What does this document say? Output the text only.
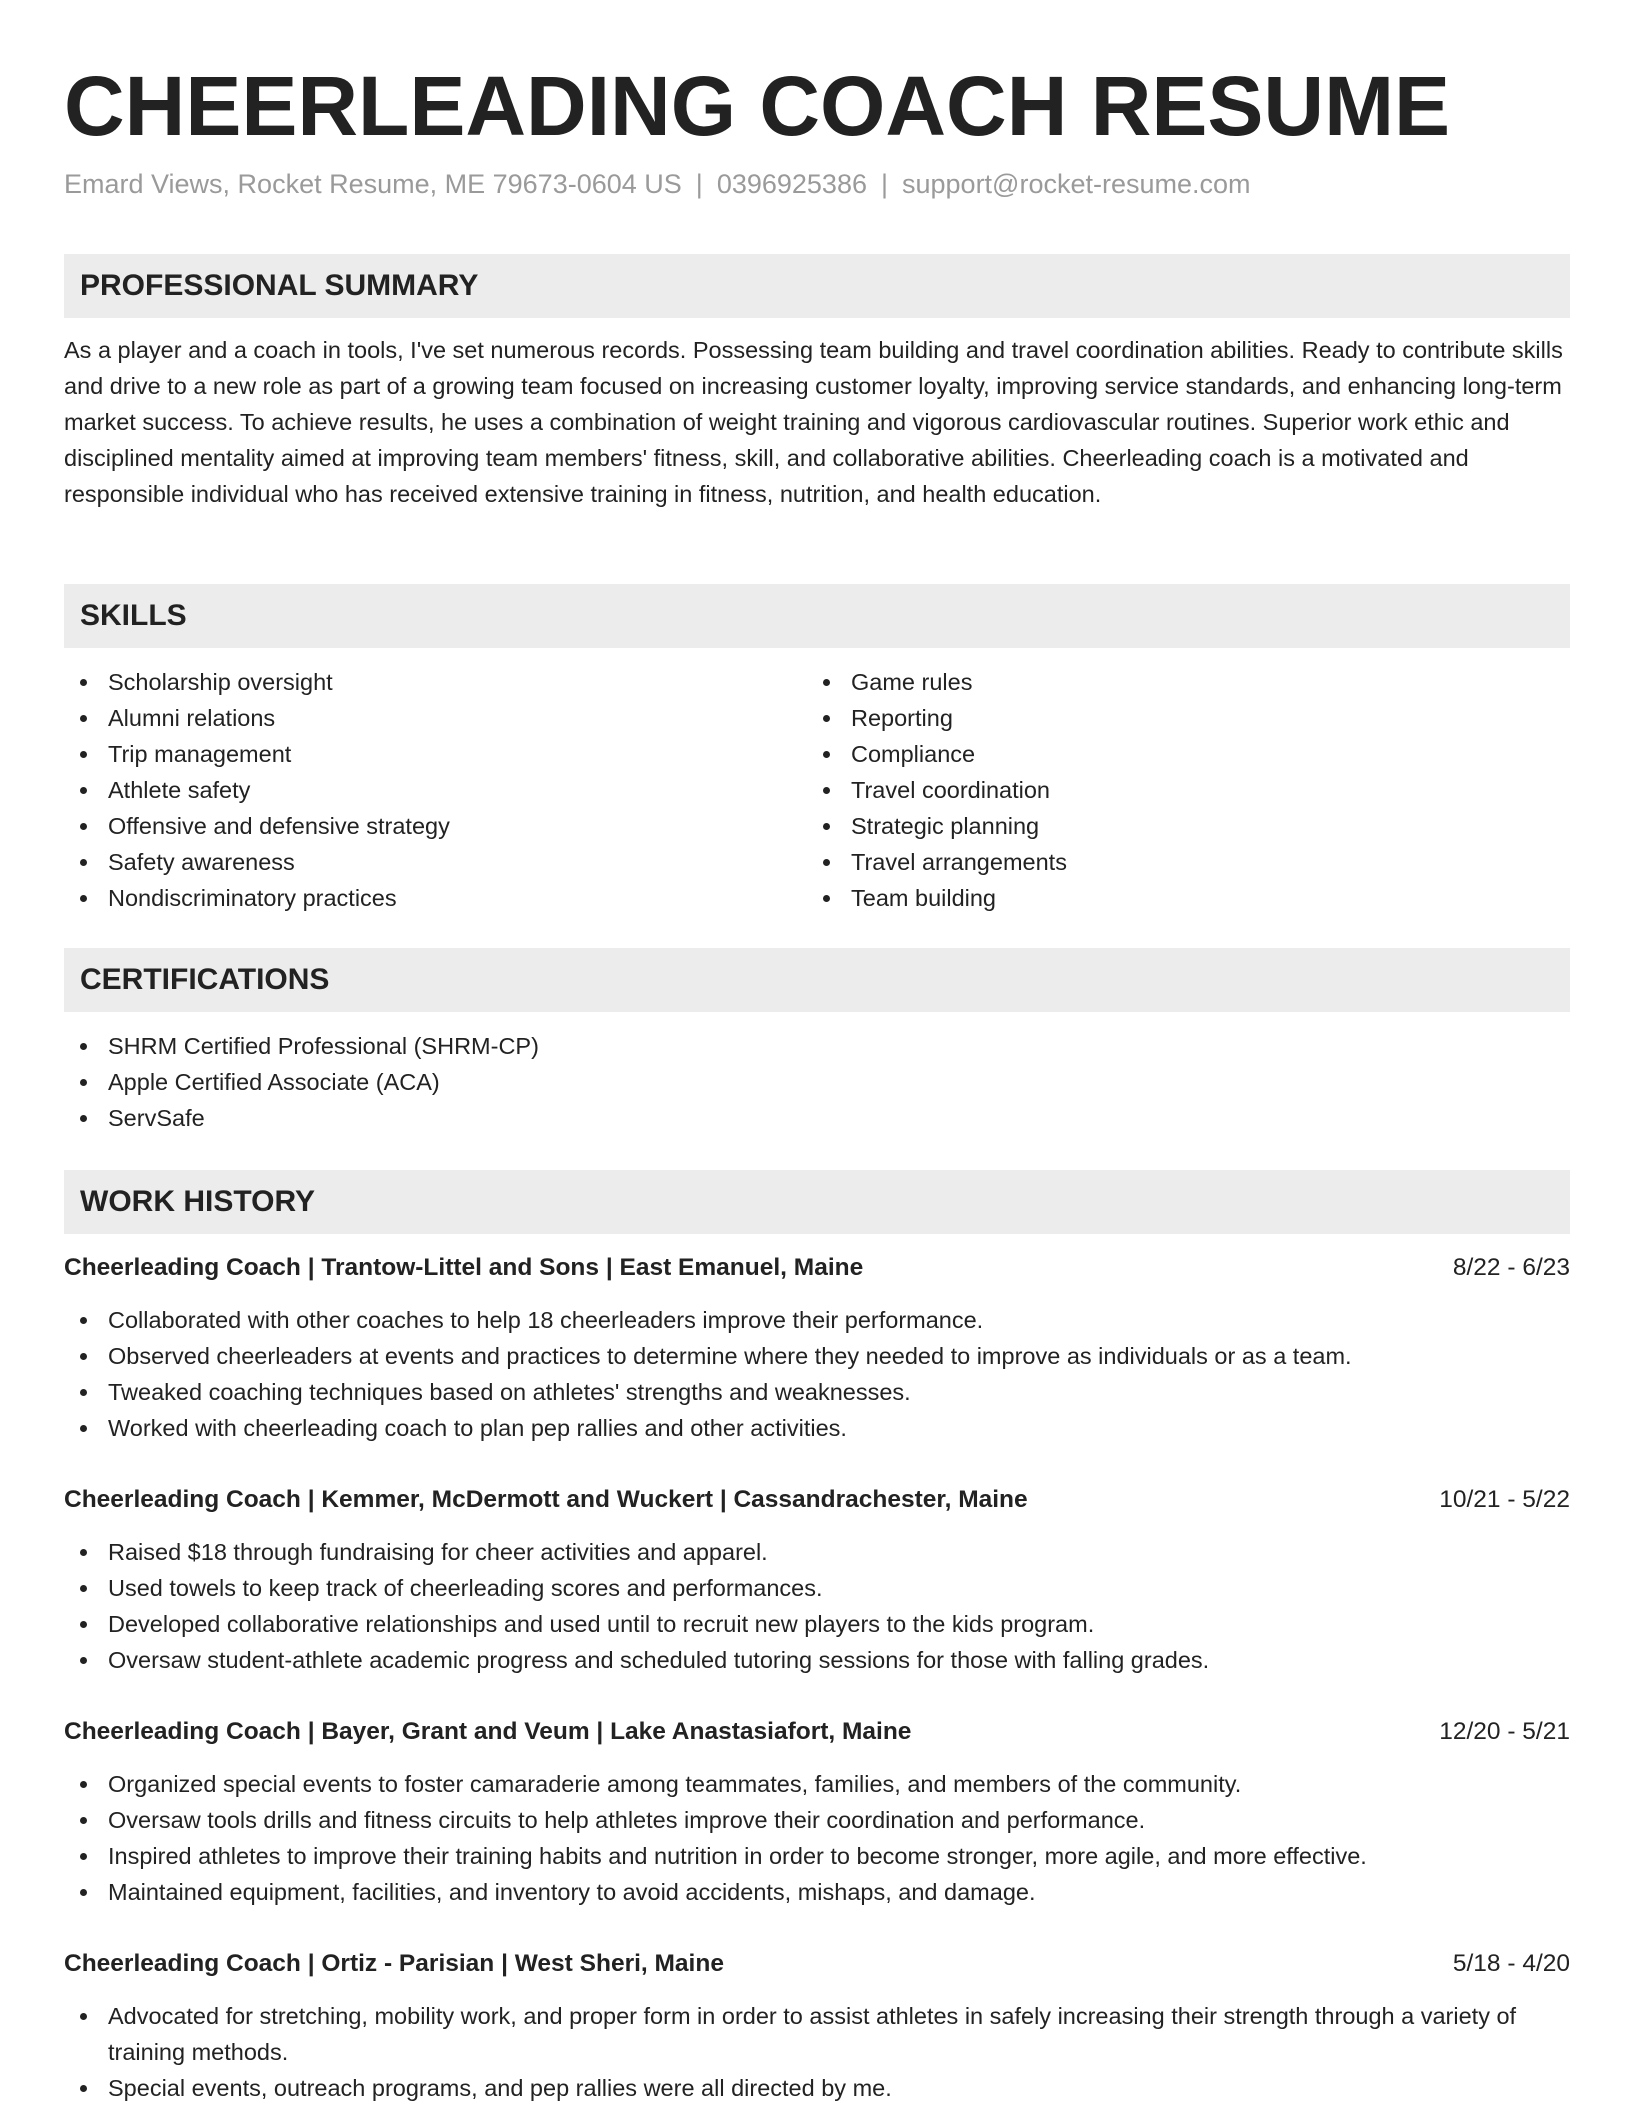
CHEERLEADING COACH RESUME
Emard Views, Rocket Resume, ME 79673-0604 US | 0396925386 | support@rocket-resume.com
PROFESSIONAL SUMMARY

As a player and a coach in tools, I've set numerous records. Possessing team building and travel coordination abilities. Ready to contribute skills and drive to a new role as part of a growing team focused on increasing customer loyalty, improving service standards, and enhancing long-term market success. To achieve results, he uses a combination of weight training and vigorous cardiovascular routines. Superior work ethic and disciplined mentality aimed at improving team members' fitness, skill, and collaborative abilities. Cheerleading coach is a motivated and responsible individual who has received extensive training in fitness, nutrition, and health education.

SKILLS
Scholarship oversight
Alumni relations
Trip management
Athlete safety
Offensive and defensive strategy
Safety awareness
Nondiscriminatory practices
Game rules
Reporting
Compliance
Travel coordination
Strategic planning
Travel arrangements
Team building
CERTIFICATIONS
SHRM Certified Professional (SHRM-CP)
Apple Certified Associate (ACA)
ServSafe
WORK HISTORY
Cheerleading Coach | Trantow-Littel and Sons | East Emanuel, Maine	8/22 - 6/23
Collaborated with other coaches to help 18 cheerleaders improve their performance.
Observed cheerleaders at events and practices to determine where they needed to improve as individuals or as a team.
Tweaked coaching techniques based on athletes' strengths and weaknesses.
Worked with cheerleading coach to plan pep rallies and other activities.
Cheerleading Coach | Kemmer, McDermott and Wuckert | Cassandrachester, Maine	10/21 - 5/22
Raised $18 through fundraising for cheer activities and apparel.
Used towels to keep track of cheerleading scores and performances.
Developed collaborative relationships and used until to recruit new players to the kids program.
Oversaw student-athlete academic progress and scheduled tutoring sessions for those with falling grades.
Cheerleading Coach | Bayer, Grant and Veum | Lake Anastasiafort, Maine	12/20 - 5/21
Organized special events to foster camaraderie among teammates, families, and members of the community.
Oversaw tools drills and fitness circuits to help athletes improve their coordination and performance.
Inspired athletes to improve their training habits and nutrition in order to become stronger, more agile, and more effective.
Maintained equipment, facilities, and inventory to avoid accidents, mishaps, and damage.
Cheerleading Coach | Ortiz - Parisian | West Sheri, Maine	5/18 - 4/20
Advocated for stretching, mobility work, and proper form in order to assist athletes in safely increasing their strength through a variety of training methods.
Special events, outreach programs, and pep rallies were all directed by me.
